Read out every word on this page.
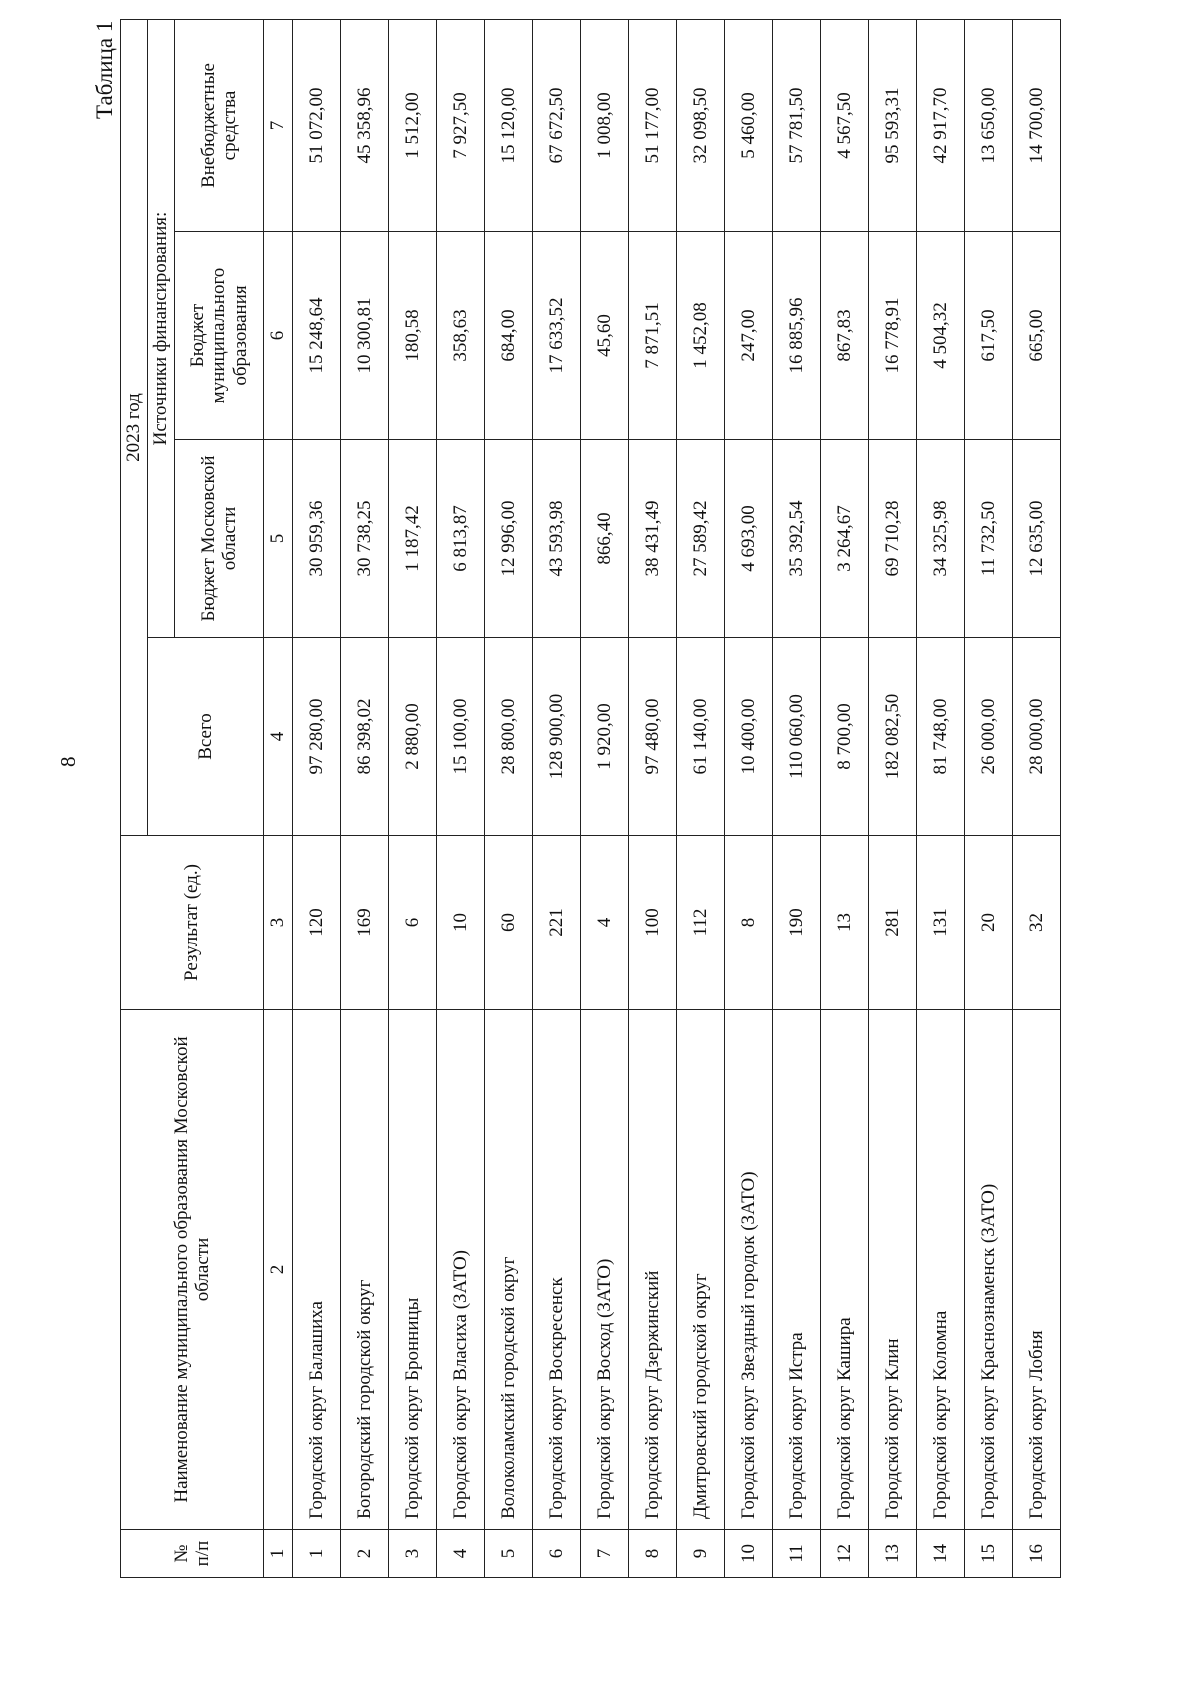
8
Таблица 1
№ п/п	Наименование муниципального образования Московской области	Результат (ед.)	2023 год			
			Всего	Источники финансирования:		
				Бюджет Московской области	Бюджет муниципального образования	Внебюджетные средства
1	2	3	4	5	6	7
1	Городской округ Балашиха	120	97 280,00	30 959,36	15 248,64	51 072,00
2	Богородский городской округ	169	86 398,02	30 738,25	10 300,81	45 358,96
3	Городской округ Бронницы	6	2 880,00	1 187,42	180,58	1 512,00
4	Городской округ Власиха (ЗАТО)	10	15 100,00	6 813,87	358,63	7 927,50
5	Волоколамский городской округ	60	28 800,00	12 996,00	684,00	15 120,00
6	Городской округ Воскресенск	221	128 900,00	43 593,98	17 633,52	67 672,50
7	Городской округ Восход (ЗАТО)	4	1 920,00	866,40	45,60	1 008,00
8	Городской округ Дзержинский	100	97 480,00	38 431,49	7 871,51	51 177,00
9	Дмитровский городской округ	112	61 140,00	27 589,42	1 452,08	32 098,50
10	Городской округ Звездный городок (ЗАТО)	8	10 400,00	4 693,00	247,00	5 460,00
11	Городской округ Истра	190	110 060,00	35 392,54	16 885,96	57 781,50
12	Городской округ Кашира	13	8 700,00	3 264,67	867,83	4 567,50
13	Городской округ Клин	281	182 082,50	69 710,28	16 778,91	95 593,31
14	Городской округ Коломна	131	81 748,00	34 325,98	4 504,32	42 917,70
15	Городской округ Краснознаменск (ЗАТО)	20	26 000,00	11 732,50	617,50	13 650,00
16	Городской округ Лобня	32	28 000,00	12 635,00	665,00	14 700,00
